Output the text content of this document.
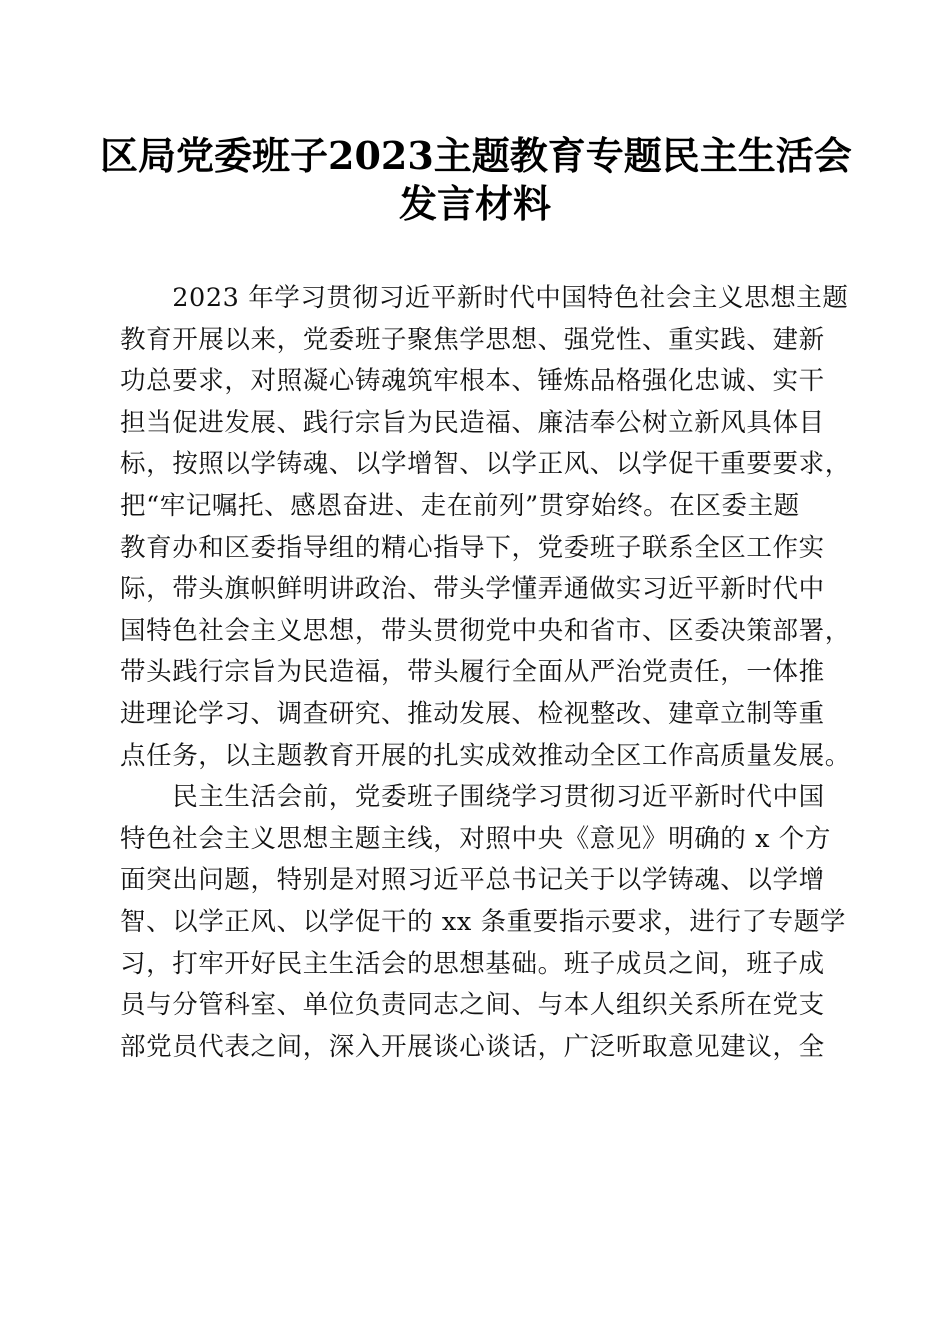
区局党委班子2023主题教育专题民主生活会
发言材料

　　2023 年学习贯彻习近平新时代中国特色社会主义思想主题
教育开展以来，党委班子聚焦学思想、强党性、重实践、建新
功总要求，对照凝心铸魂筑牢根本、锤炼品格强化忠诚、实干
担当促进发展、践行宗旨为民造福、廉洁奉公树立新风具体目
标，按照以学铸魂、以学增智、以学正风、以学促干重要要求，
把“牢记嘱托、感恩奋进、走在前列”贯穿始终。在区委主题
教育办和区委指导组的精心指导下，党委班子联系全区工作实
际，带头旗帜鲜明讲政治、带头学懂弄通做实习近平新时代中
国特色社会主义思想，带头贯彻党中央和省市、区委决策部署，
带头践行宗旨为民造福，带头履行全面从严治党责任，一体推
进理论学习、调查研究、推动发展、检视整改、建章立制等重
点任务，以主题教育开展的扎实成效推动全区工作高质量发展。

　　民主生活会前，党委班子围绕学习贯彻习近平新时代中国
特色社会主义思想主题主线，对照中央《意见》明确的 x 个方
面突出问题，特别是对照习近平总书记关于以学铸魂、以学增
智、以学正风、以学促干的 xx 条重要指示要求，进行了专题学
习，打牢开好民主生活会的思想基础。班子成员之间，班子成
员与分管科室、单位负责同志之间、与本人组织关系所在党支
部党员代表之间，深入开展谈心谈话，广泛听取意见建议，全
